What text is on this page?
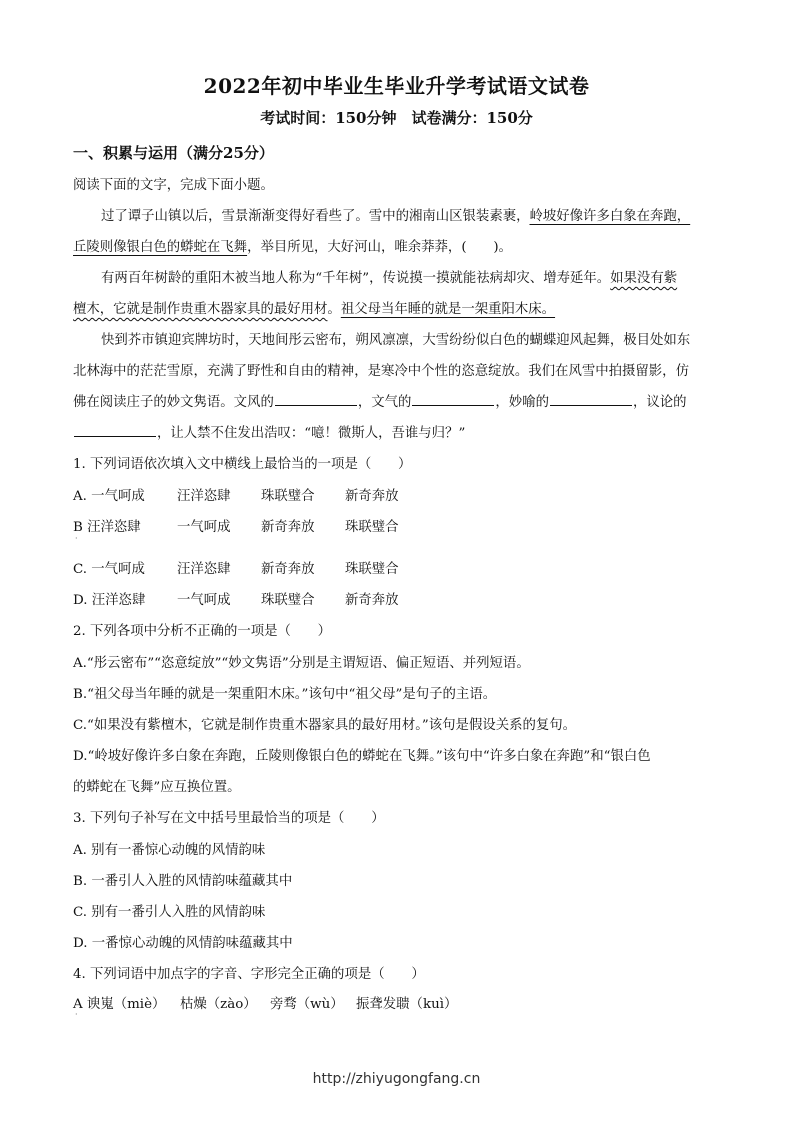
2022年初中毕业生毕业升学考试语文试卷
考试时间：150分钟　试卷满分：150分
一、积累与运用（满分25分）
阅读下面的文字，完成下面小题。
过了谭子山镇以后，雪景渐渐变得好看些了。雪中的湘南山区银装素裹，岭坡好像许多白象在奔跑，
丘陵则像银白色的蟒蛇在飞舞，举目所见，大好河山，唯余莽莽，(　　)。
有两百年树龄的重阳木被当地人称为“千年树”，传说摸一摸就能祛病却灾、增寿延年。如果没有紫
檀木，它就是制作贵重木器家具的最好用材。祖父母当年睡的就是一架重阳木床。
快到芥市镇迎宾牌坊时，天地间彤云密布，朔风凛凛，大雪纷纷似白色的蝴蝶迎风起舞，极目处如东
北林海中的茫茫雪原，充满了野性和自由的精神，是寒冷中个性的恣意绽放。我们在风雪中拍摄留影，仿
佛在阅读庄子的妙文隽语。文风的	，文气的	，妙喻的	，议论的
，让人禁不住发出浩叹：“噫！微斯人，吾谁与归？”
1. 下列词语依次填入文中横线上最恰当的一项是（　　）
A. 一气呵成 汪洋恣肆 珠联璧合 新奇奔放
B 汪洋恣肆	一气呵成 新奇奔放 珠联璧合
·
C. 一气呵成 汪洋恣肆 新奇奔放 珠联璧合
D. 汪洋恣肆 一气呵成 珠联璧合 新奇奔放
2. 下列各项中分析不正确的一项是（　　）
A.“彤云密布”“恣意绽放”“妙文隽语”分别是主谓短语、偏正短语、并列短语。
B.“祖父母当年睡的就是一架重阳木床。”该句中“祖父母”是句子的主语。
C.“如果没有紫檀木，它就是制作贵重木器家具的最好用材。”该句是假设关系的复句。
D.“岭坡好像许多白象在奔跑，丘陵则像银白色的蟒蛇在飞舞。”该句中“许多白象在奔跑”和“银白色
的蟒蛇在飞舞”应互换位置。
3. 下列句子补写在文中括号里最恰当的项是（　　）
A. 别有一番惊心动魄的风情韵味
B. 一番引人入胜的风情韵味蕴藏其中
C. 别有一番引人入胜的风情韵味
D. 一番惊心动魄的风情韵味蕴藏其中
4. 下列词语中加点字的字音、字形完全正确的项是（　　）
A 谀嵬（miè） 枯燥（zào） 旁骛（wù） 振聋发聩（kuì）
·
http://zhiyugongfang.cn
